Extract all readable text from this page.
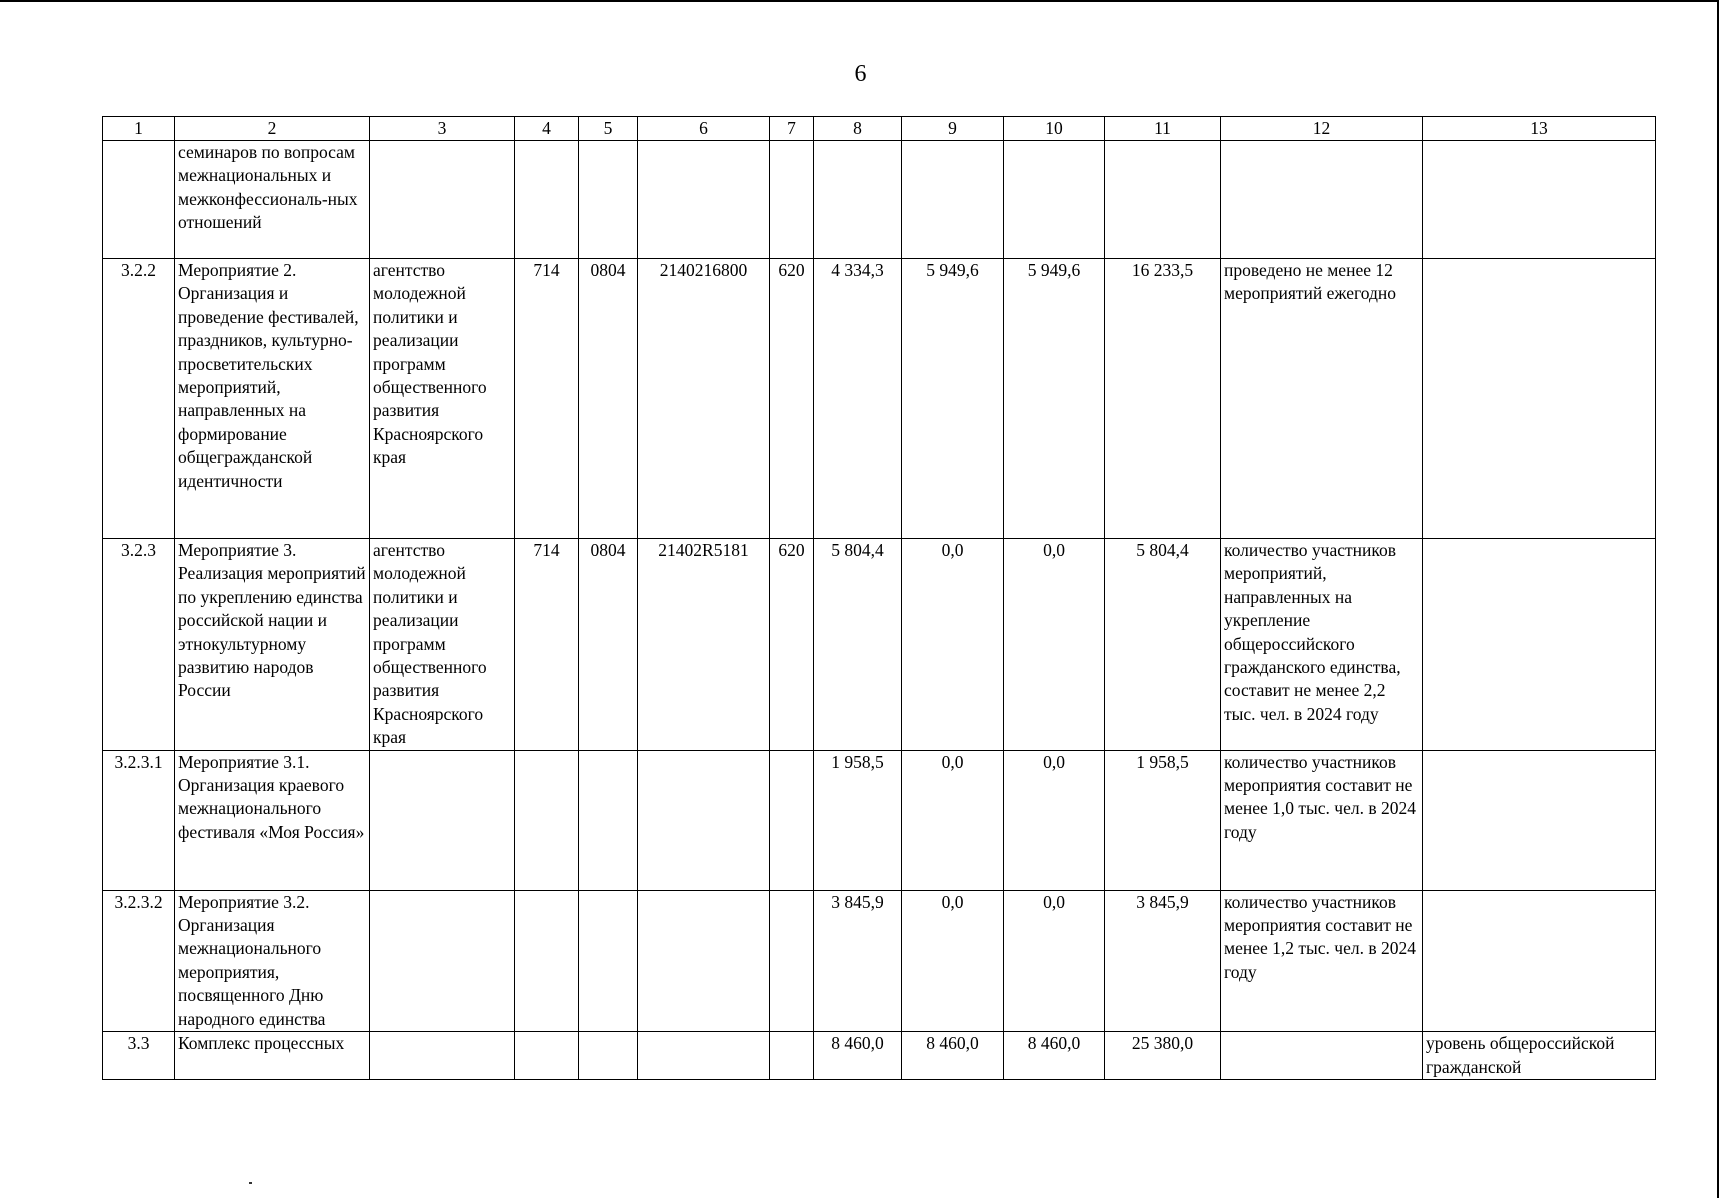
6
1	2	3	4	5	6	7	8	9	10	11	12	13
	семинаров по вопросам межнациональных и межконфессиональ-ных отношений											
3.2.2	Мероприятие 2. Организация и проведение фестивалей, праздников, культурно-просветительских мероприятий, направленных на формирование общегражданской идентичности	агентство молодежной политики и реализации программ общественного развития Красноярского края	714	0804	2140216800	620	4 334,3	5 949,6	5 949,6	16 233,5	проведено не менее 12 мероприятий ежегодно	
3.2.3	Мероприятие 3. Реализация мероприятий по укреплению единства российской нации и этнокультурному развитию народов России	агентство молодежной политики и реализации программ общественного развития Красноярского края	714	0804	21402R5181	620	5 804,4	0,0	0,0	5 804,4	количество участников мероприятий, направленных на укрепление общероссийского гражданского единства, составит не менее 2,2 тыс. чел. в 2024 году	
3.2.3.1	Мероприятие 3.1. Организация краевого межнационального фестиваля «Моя Россия»						1 958,5	0,0	0,0	1 958,5	количество участников мероприятия составит не менее 1,0 тыс. чел. в 2024 году	
3.2.3.2	Мероприятие 3.2. Организация межнационального мероприятия, посвященного Дню народного единства						3 845,9	0,0	0,0	3 845,9	количество участников мероприятия составит не менее 1,2 тыс. чел. в 2024 году	
3.3	Комплекс процессных						8 460,0	8 460,0	8 460,0	25 380,0		уровень общероссийской гражданской
